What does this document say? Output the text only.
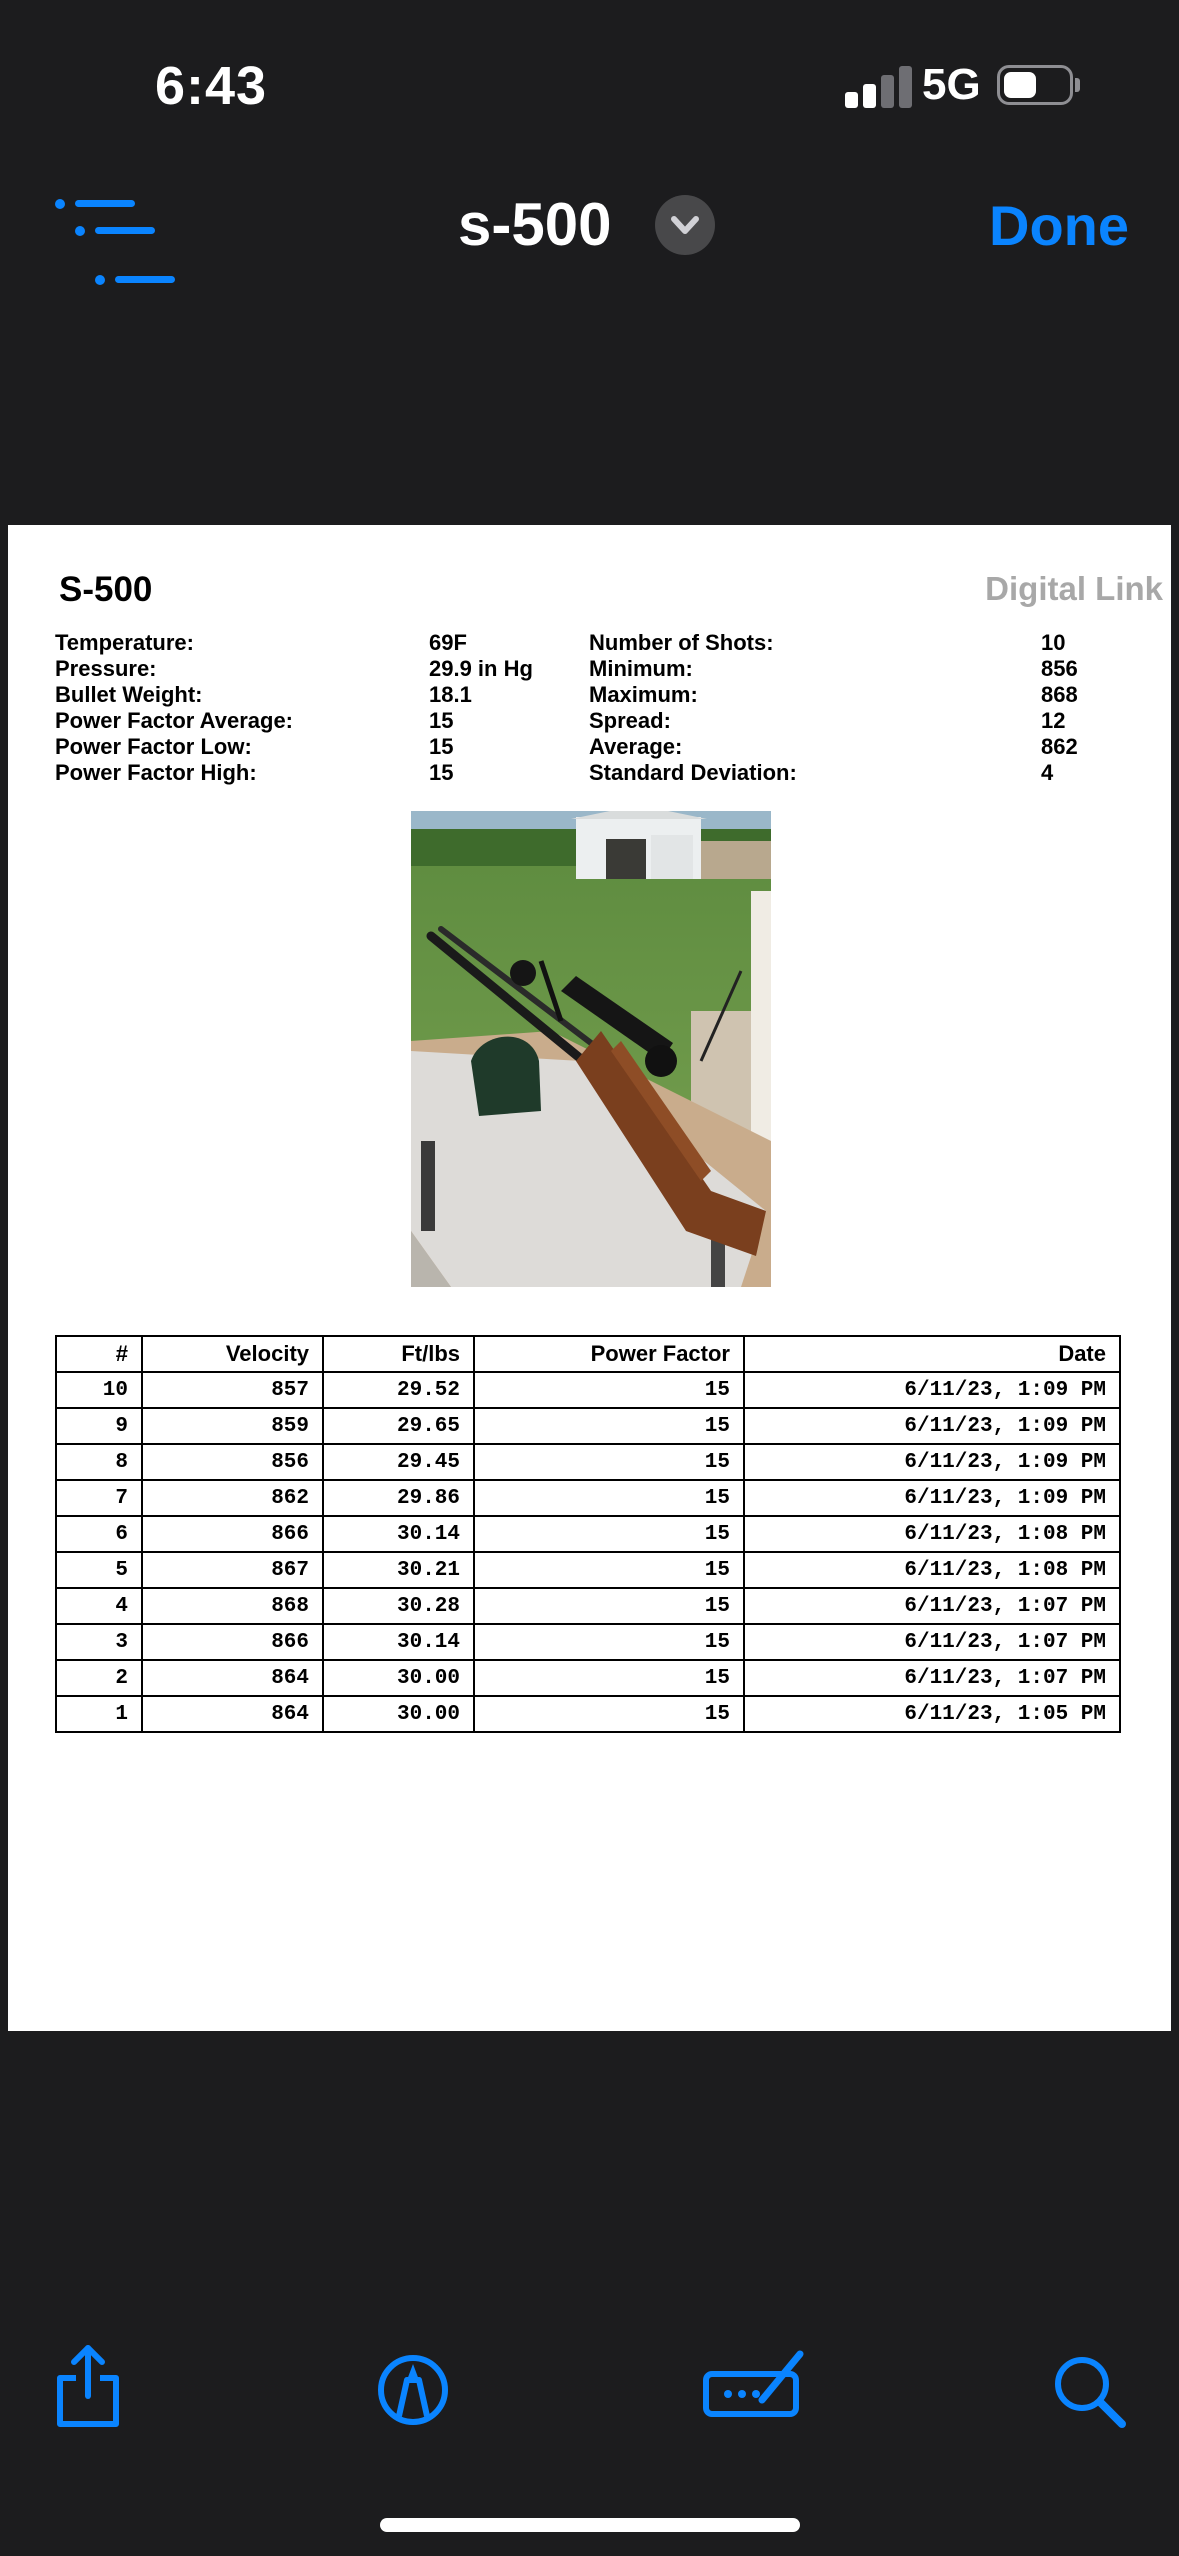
6:43	5G
s-500	Done
S-500	Digital Link
Temperature:	69F
Pressure:	29.9 in Hg
Bullet Weight:	18.1
Power Factor Average:	15
Power Factor Low:	15
Power Factor High:	15
Number of Shots:	10
Minimum:	856
Maximum:	868
Spread:	12
Average:	862
Standard Deviation:	4
#	Velocity	Ft/lbs	Power Factor	Date
10	857	29.52	15	6/11/23, 1:09 PM
9	859	29.65	15	6/11/23, 1:09 PM
8	856	29.45	15	6/11/23, 1:09 PM
7	862	29.86	15	6/11/23, 1:09 PM
6	866	30.14	15	6/11/23, 1:08 PM
5	867	30.21	15	6/11/23, 1:08 PM
4	868	30.28	15	6/11/23, 1:07 PM
3	866	30.14	15	6/11/23, 1:07 PM
2	864	30.00	15	6/11/23, 1:07 PM
1	864	30.00	15	6/11/23, 1:05 PM
